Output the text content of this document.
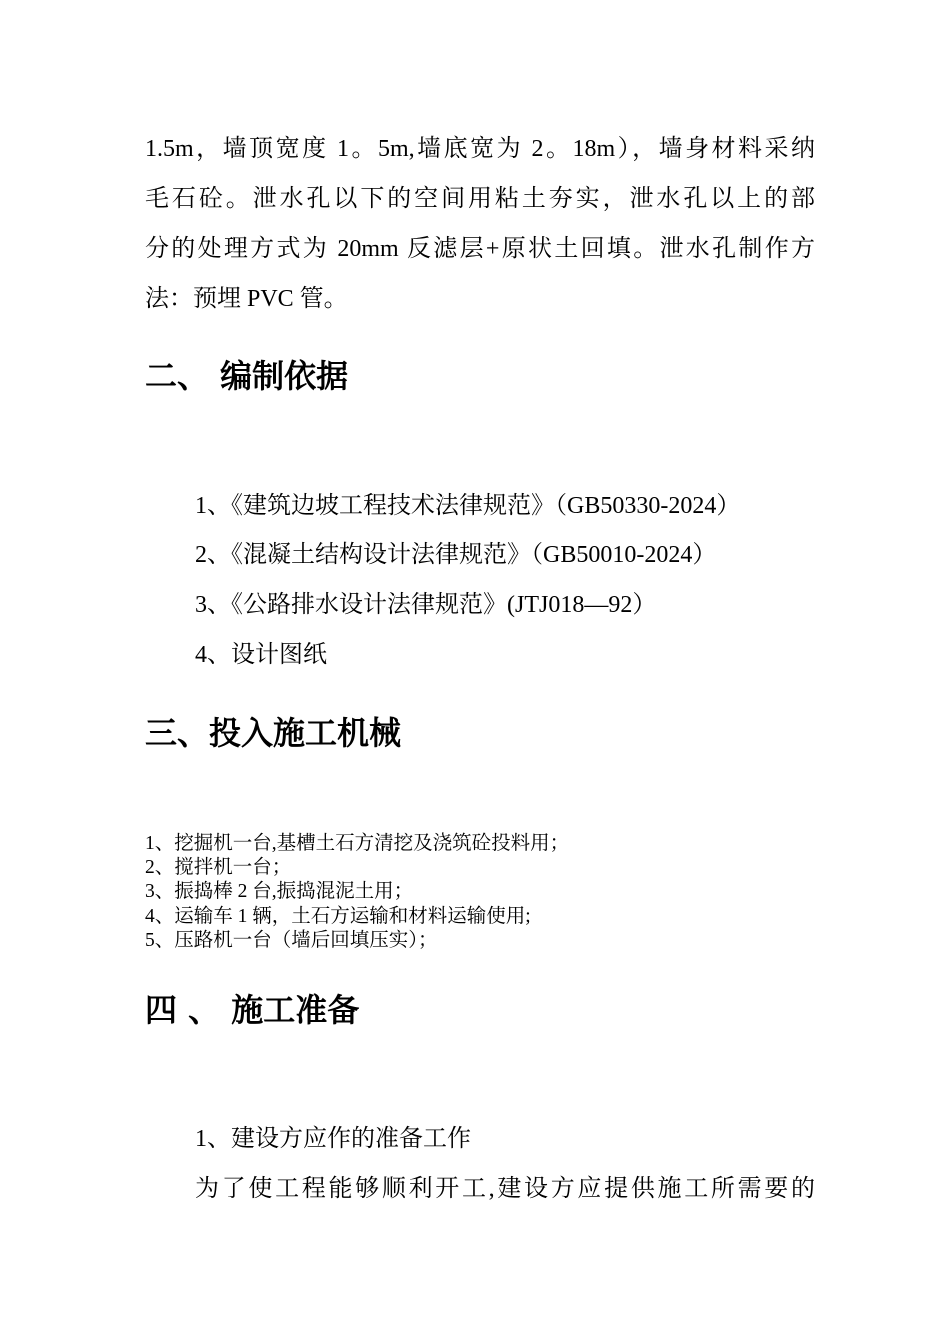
1.5m，墙顶宽度 1。5m,墙底宽为 2。18m），墙身材料采纳
毛石砼。泄水孔以下的空间用粘土夯实，泄水孔以上的部
分的处理方式为 20mm 反滤层+原状土回填。泄水孔制作方
法：预埋 PVC 管。
二、 编制依据
1、《建筑边坡工程技术法律规范》（GB50330-2024）
2、《混凝土结构设计法律规范》（GB50010-2024）
3、《公路排水设计法律规范》(JTJ018—92）
4、设计图纸
三、投入施工机械
1、挖掘机一台,基槽土石方清挖及浇筑砼投料用；
2、搅拌机一台；
3、振捣棒 2 台,振捣混泥土用；
4、运输车 1 辆，土石方运输和材料运输使用;
5、压路机一台（墙后回填压实）；
四 、 施工准备
1、建设方应作的准备工作
为了使工程能够顺利开工,建设方应提供施工所需要的
